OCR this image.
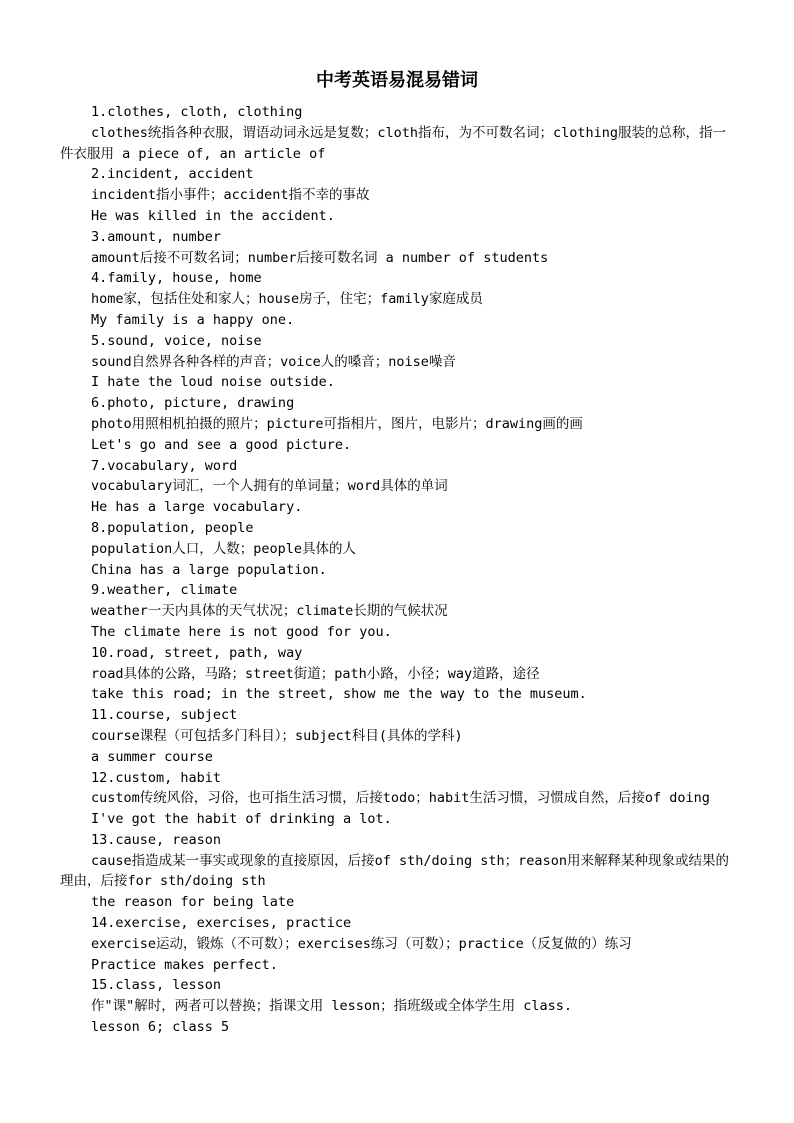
中考英语易混易错词

1.clothes, cloth, clothing

clothes统指各种衣服，谓语动词永远是复数；cloth指布，为不可数名词；clothing服装的总称，指一件衣服用 a piece of, an article of

2.incident, accident

incident指小事件；accident指不幸的事故

He was killed in the accident.

3.amount, number

amount后接不可数名词；number后接可数名词 a number of students

4.family, house, home

home家，包括住处和家人；house房子，住宅；family家庭成员

My family is a happy one.

5.sound, voice, noise

sound自然界各种各样的声音；voice人的嗓音；noise噪音

I hate the loud noise outside.

6.photo, picture, drawing

photo用照相机拍摄的照片；picture可指相片，图片，电影片；drawing画的画

Let's go and see a good picture.

7.vocabulary, word

vocabulary词汇，一个人拥有的单词量；word具体的单词

He has a large vocabulary.

8.population, people

population人口，人数；people具体的人

China has a large population.

9.weather, climate

weather一天内具体的天气状况；climate长期的气候状况

The climate here is not good for you.

10.road, street, path, way

road具体的公路，马路；street街道；path小路，小径；way道路，途径

take this road; in the street, show me the way to the museum.

11.course, subject

course课程（可包括多门科目）；subject科目(具体的学科)

a summer course

12.custom, habit

custom传统风俗，习俗，也可指生活习惯，后接todo；habit生活习惯，习惯成自然，后接of doing

I've got the habit of drinking a lot.

13.cause, reason

cause指造成某一事实或现象的直接原因，后接of sth/doing sth；reason用来解释某种现象或结果的理由，后接for sth/doing sth

the reason for being late

14.exercise, exercises, practice

exercise运动，锻炼（不可数）；exercises练习（可数）；practice（反复做的）练习

Practice makes perfect.

15.class, lesson

作"课"解时，两者可以替换；指课文用 lesson；指班级或全体学生用 class.

lesson 6; class 5
